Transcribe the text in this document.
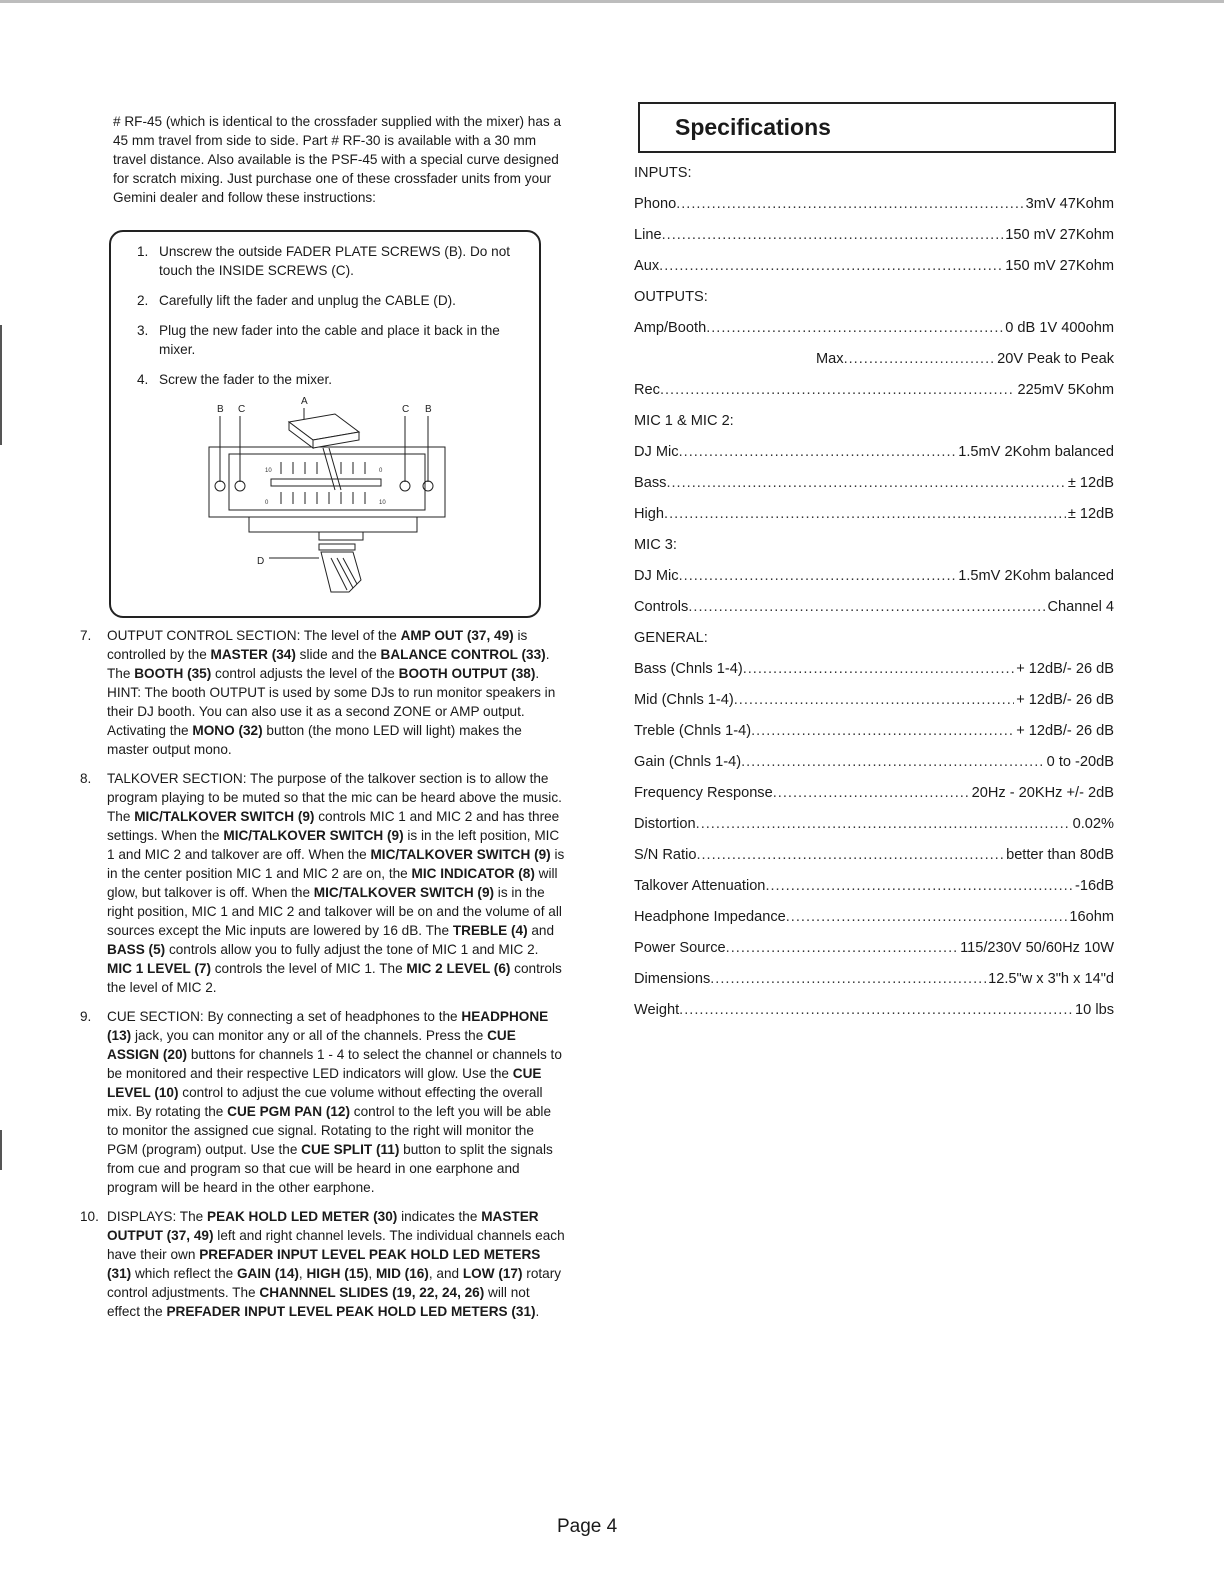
# RF-45 (which is identical to the crossfader supplied with the mixer) has a 45 mm travel from side to side. Part # RF-30 is available with a 30 mm travel distance. Also available is the PSF-45 with a special curve designed for scratch mixing. Just purchase one of these crossfader units from your Gemini dealer and follow these instructions:

1. Unscrew the outside FADER PLATE SCREWS (B). Do not touch the INSIDE SCREWS (C).
2. Carefully lift the fader and unplug the CABLE (D).
3. Plug the new fader into the cable and place it back in the mixer.
4. Screw the fader to the mixer.
B C
A
C B
D
10	0
0	10
7.	OUTPUT CONTROL SECTION: The level of the AMP OUT (37, 49) is controlled by the MASTER (34) slide and the BALANCE CONTROL (33). The BOOTH (35) control adjusts the level of the BOOTH OUTPUT (38). HINT: The booth OUTPUT is used by some DJs to run monitor speakers in their DJ booth. You can also use it as a second ZONE or AMP output. Activating the MONO (32) button (the mono LED will light) makes the master output mono.
8.	TALKOVER SECTION: The purpose of the talkover section is to allow the program playing to be muted so that the mic can be heard above the music. The MIC/TALKOVER SWITCH (9) controls MIC 1 and MIC 2 and has three settings. When the MIC/TALKOVER SWITCH (9) is in the left position, MIC 1 and MIC 2 and talkover are off. When the MIC/TALKOVER SWITCH (9) is in the center position MIC 1 and MIC 2 are on, the MIC INDICATOR (8) will glow, but talkover is off. When the MIC/TALKOVER SWITCH (9) is in the right position, MIC 1 and MIC 2 and talkover will be on and the volume of all sources except the Mic inputs are lowered by 16 dB. The TREBLE (4) and BASS (5) controls allow you to fully adjust the tone of MIC 1 and MIC 2. MIC 1 LEVEL (7) controls the level of MIC 1. The MIC 2 LEVEL (6) controls the level of MIC 2.
9.	CUE SECTION: By connecting a set of headphones to the HEADPHONE (13) jack, you can monitor any or all of the channels. Press the CUE ASSIGN (20) buttons for channels 1 - 4 to select the channel or channels to be monitored and their respective LED indicators will glow. Use the CUE LEVEL (10) control to adjust the cue volume without effecting the overall mix. By rotating the CUE PGM PAN (12) control to the left you will be able to monitor the assigned cue signal. Rotating to the right will monitor the PGM (program) output. Use the CUE SPLIT (11) button to split the signals from cue and program so that cue will be heard in one earphone and program will be heard in the other earphone.
10. DISPLAYS: The PEAK HOLD LED METER (30) indicates the MASTER OUTPUT (37, 49) left and right channel levels. The individual channels each have their own PREFADER INPUT LEVEL PEAK HOLD LED METERS (31) which reflect the GAIN (14), HIGH (15), MID (16), and LOW (17) rotary control adjustments. The CHANNNEL SLIDES (19, 22, 24, 26) will not effect the PREFADER INPUT LEVEL PEAK HOLD LED METERS (31).
Specifications
INPUTS:
Phono .....	3mV 47Kohm
Line .....	150 mV 27Kohm
Aux .....	150 mV 27Kohm
OUTPUTS:
Amp/Booth .....	0 dB 1V 400ohm
Max .....	20V Peak to Peak
Rec .....	225mV 5Kohm
MIC 1 & MIC 2:
DJ Mic .....	1.5mV 2Kohm balanced
Bass .....	± 12dB
High .....	± 12dB
MIC 3:
DJ Mic .....	1.5mV 2Kohm balanced
Controls .....	Channel 4
GENERAL:
Bass (Chnls 1-4) .....	+ 12dB/- 26 dB
Mid (Chnls 1-4) .....	+ 12dB/- 26 dB
Treble (Chnls 1-4) .....	+ 12dB/- 26 dB
Gain (Chnls 1-4) .....	0 to -20dB
Frequency Response .....	20Hz - 20KHz +/- 2dB
Distortion .....	0.02%
S/N Ratio .....	better than 80dB
Talkover Attenuation .....	-16dB
Headphone Impedance .....	16ohm
Power Source .....	115/230V 50/60Hz 10W
Dimensions .....	12.5"w x 3"h x 14"d
Weight .....	10 lbs
Page 4
